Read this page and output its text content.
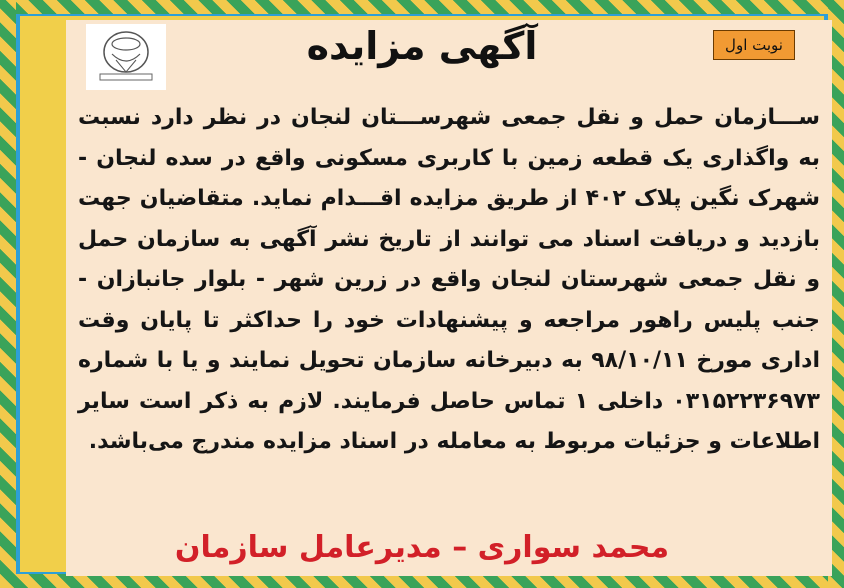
نوبت اول
آگهی مزایده

ســـازمان حمل و نقل جمعی شهرســـتان لنجان در نظر دارد نسبت به واگذاری یک قطعه زمین با کاربری مسکونی واقع در سده لنجان - شهرک نگین پلاک ۴۰۲ از طریق مزایده اقـــدام نماید. متقاضیان جهت بازدید و دریافت اسناد می توانند از تاریخ نشر آگهی به سازمان حمل و نقل جمعی شهرستان لنجان واقع در زرین شهر - بلوار جانبازان - جنب پلیس راهور مراجعه و پیشنهادات خود را حداکثر تا پایان وقت اداری مورخ ۹۸/۱۰/۱۱ به دبیرخانه سازمان تحویل نمایند و یا با شماره ۰۳۱۵۲۲۳۶۹۷۳ داخلی ۱ تماس حاصل فرمایند. لازم به ذکر است سایر اطلاعات و جزئیات مربوط به معامله در اسناد مزایده مندرج می‌باشد.

محمد سواری – مدیرعامل سازمان
